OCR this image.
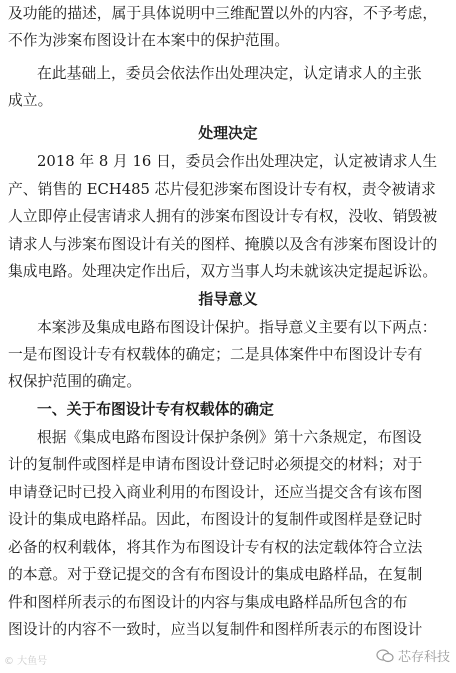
及功能的描述，属于具体说明中三维配置以外的内容，不予考虑，
不作为涉案布图设计在本案中的保护范围。
在此基础上，委员会依法作出处理决定，认定请求人的主张
成立。
处理决定
2018 年 8 月 16 日，委员会作出处理决定，认定被请求人生
产、销售的 ECH485 芯片侵犯涉案布图设计专有权，责令被请求
人立即停止侵害请求人拥有的涉案布图设计专有权，没收、销毁被
请求人与涉案布图设计有关的图样、掩膜以及含有涉案布图设计的
集成电路。处理决定作出后，双方当事人均未就该决定提起诉讼。
指导意义
本案涉及集成电路布图设计保护。指导意义主要有以下两点：
一是布图设计专有权载体的确定；二是具体案件中布图设计专有
权保护范围的确定。
一、关于布图设计专有权载体的确定
根据《集成电路布图设计保护条例》第十六条规定，布图设
计的复制件或图样是申请布图设计登记时必须提交的材料；对于
申请登记时已投入商业利用的布图设计，还应当提交含有该布图
设计的集成电路样品。因此，布图设计的复制件或图样是登记时
必备的权利载体，将其作为布图设计专有权的法定载体符合立法
的本意。对于登记提交的含有布图设计的集成电路样品，在复制
件和图样所表示的布图设计的内容与集成电路样品所包含的布
图设计的内容不一致时，应当以复制件和图样所表示的布图设计
© 大鱼号	芯存科技
